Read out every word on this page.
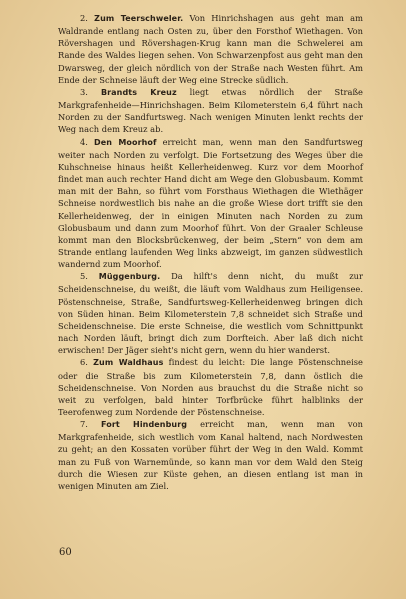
2. Zum Teerschweler. Von Hinrichshagen aus geht man am Waldrande entlang nach Osten zu, über den Forsthof Wiethagen. Von Rövershagen und Rövershagen-Krug kann man die Schwelerei am Rande des Waldes liegen sehen. Von Schwarzenpfost aus geht man den Dwarsweg, der gleich nördlich von der Straße nach Westen führt. Am Ende der Schneise läuft der Weg eine Strecke südlich.

3. Brandts Kreuz liegt etwas nördlich der Straße Markgrafenheide—Hinrichshagen. Beim Kilometerstein 6,4 führt nach Norden zu der Sandfurtsweg. Nach wenigen Minuten lenkt rechts der Weg nach dem Kreuz ab.

4. Den Moorhof erreicht man, wenn man den Sandfurtsweg weiter nach Norden zu verfolgt. Die Fortsetzung des Weges über die Kuhschneise hinaus heißt Kellerheidenweg. Kurz vor dem Moorhof findet man auch rechter Hand dicht am Wege den Globusbaum. Kommt man mit der Bahn, so führt vom Forsthaus Wiethagen die Wiethäger Schneise nordwestlich bis nahe an die große Wiese dort trifft sie den Kellerheidenweg, der in einigen Minuten nach Norden zu zum Globusbaum und dann zum Moorhof führt. Von der Graaler Schleuse kommt man den Blocksbrückenweg, der beim „Stern“ von dem am Strande entlang laufenden Weg links abzweigt, im ganzen südwestlich wandernd zum Moorhof.

5. Müggenburg. Da hilft's denn nicht, du mußt zur Scheidenschneise, du weißt, die läuft vom Waldhaus zum Heiligensee. Pöstenschneise, Straße, Sandfurtsweg-Kellerheidenweg bringen dich von Süden hinan. Beim Kilometerstein 7,8 schneidet sich Straße und Scheidenschneise. Die erste Schneise, die westlich vom Schnittpunkt nach Norden läuft, bringt dich zum Dorfteich. Aber laß dich nicht erwischen! Der Jäger sieht's nicht gern, wenn du hier wanderst.

6. Zum Waldhaus findest du leicht: Die lange Pöstenschneise oder die Straße bis zum Kilometerstein 7,8, dann östlich die Scheidenschneise. Von Norden aus brauchst du die Straße nicht so weit zu verfolgen, bald hinter Torfbrücke führt halblinks der Teerofenweg zum Nordende der Pöstenschneise.

7. Fort Hindenburg erreicht man, wenn man von Markgrafenheide, sich westlich vom Kanal haltend, nach Nordwesten zu geht; an den Kossaten vorüber führt der Weg in den Wald. Kommt man zu Fuß von Warnemünde, so kann man vor dem Wald den Steig durch die Wiesen zur Küste gehen, an diesen entlang ist man in wenigen Minuten am Ziel.

60
